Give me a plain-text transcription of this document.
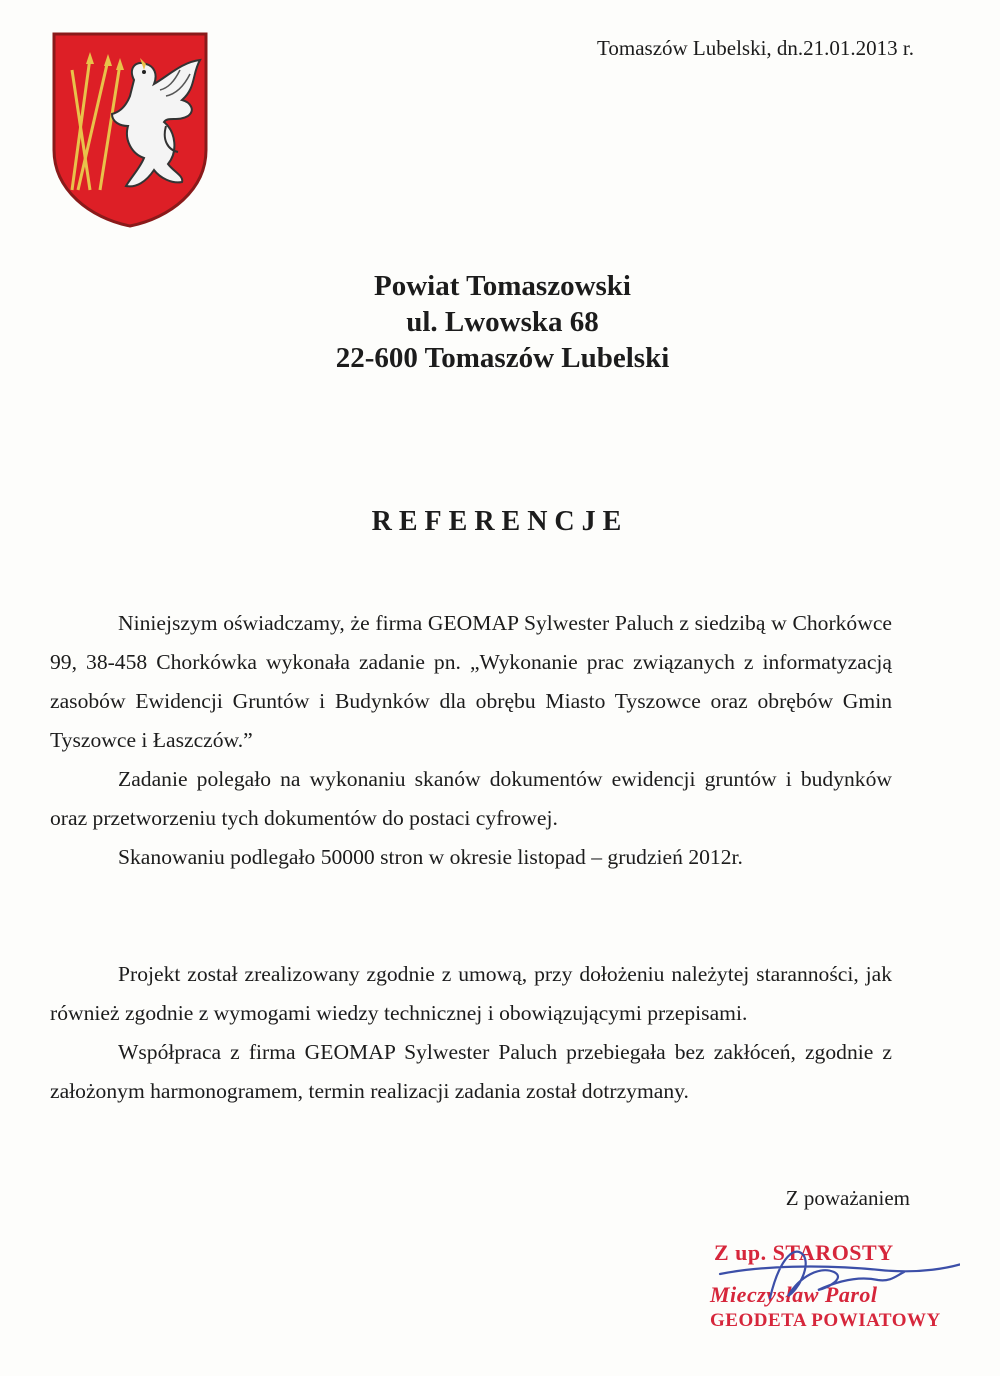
Tomaszów Lubelski, dn.21.01.2013 r.
Powiat Tomaszowski
ul. Lwowska 68
22-600 Tomaszów Lubelski
REFERENCJE

Niniejszym oświadczamy, że firma GEOMAP Sylwester Paluch z siedzibą w Chorkówce 99, 38-458 Chorkówka wykonała zadanie pn. „Wykonanie prac związanych z informatyzacją zasobów Ewidencji Gruntów i Budynków dla obrębu Miasto Tyszowce oraz obrębów Gmin Tyszowce i Łaszczów.”

Zadanie polegało na wykonaniu skanów dokumentów ewidencji gruntów i budynków oraz przetworzeniu tych dokumentów do postaci cyfrowej.

Skanowaniu podlegało 50000 stron w okresie listopad – grudzień 2012r.

Projekt został zrealizowany zgodnie z umową, przy dołożeniu należytej staranności, jak również zgodnie z wymogami wiedzy technicznej i obowiązującymi przepisami.

Współpraca z firma GEOMAP Sylwester Paluch przebiegała bez zakłóceń, zgodnie z założonym harmonogramem, termin realizacji zadania został dotrzymany.

Z poważaniem
Z up. STAROSTY
Mieczysław Parol
GEODETA POWIATOWY
